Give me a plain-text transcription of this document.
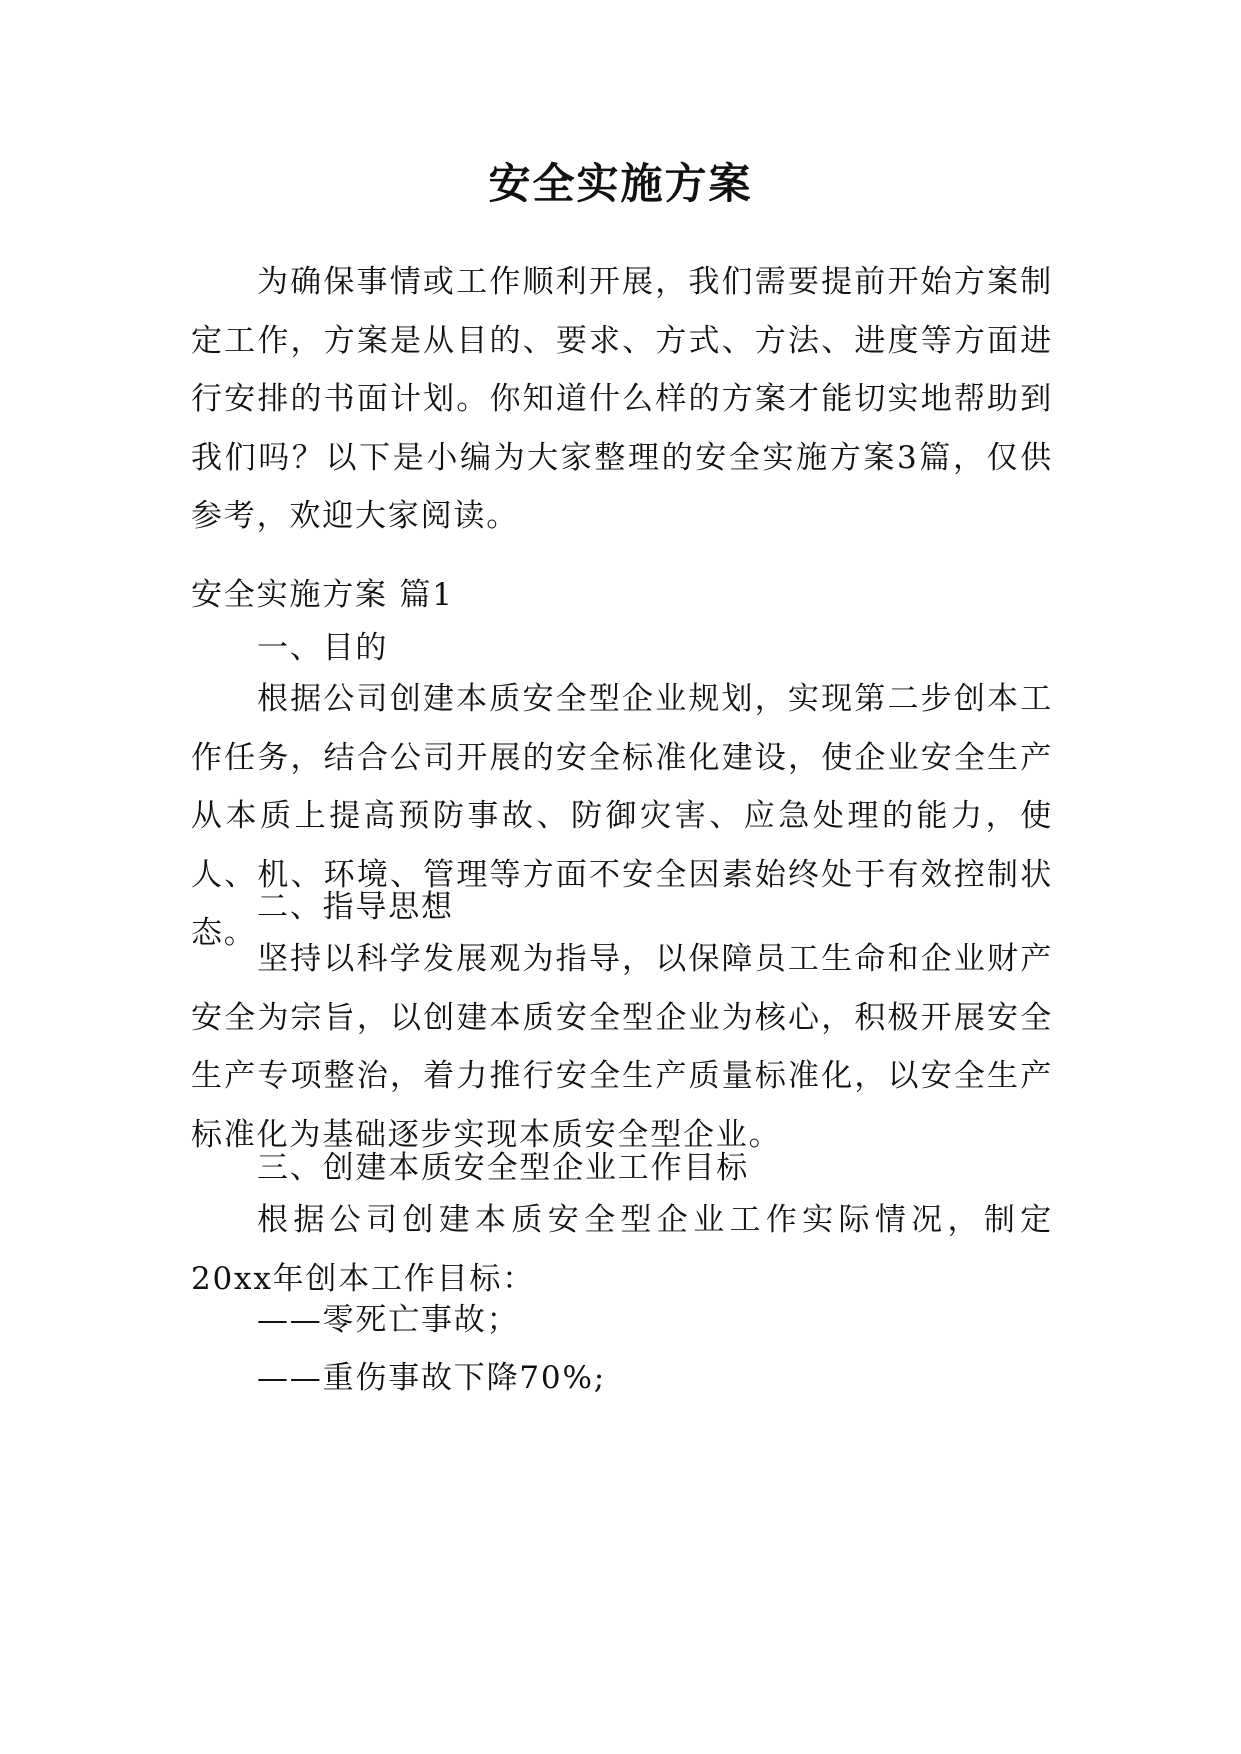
安全实施方案

为确保事情或工作顺利开展，我们需要提前开始方案制定工作，方案是从目的、要求、方式、方法、进度等方面进行安排的书面计划。你知道什么样的方案才能切实地帮助到我们吗？以下是小编为大家整理的安全实施方案3篇，仅供参考，欢迎大家阅读。

安全实施方案 篇1

一、目的

根据公司创建本质安全型企业规划，实现第二步创本工作任务，结合公司开展的安全标准化建设，使企业安全生产从本质上提高预防事故、防御灾害、应急处理的能力，使人、机、环境、管理等方面不安全因素始终处于有效控制状态。

二、指导思想

坚持以科学发展观为指导，以保障员工生命和企业财产安全为宗旨，以创建本质安全型企业为核心，积极开展安全生产专项整治，着力推行安全生产质量标准化，以安全生产标准化为基础逐步实现本质安全型企业。

三、创建本质安全型企业工作目标

根据公司创建本质安全型企业工作实际情况，制定20xx年创本工作目标：

——零死亡事故；

——重伤事故下降70%;
